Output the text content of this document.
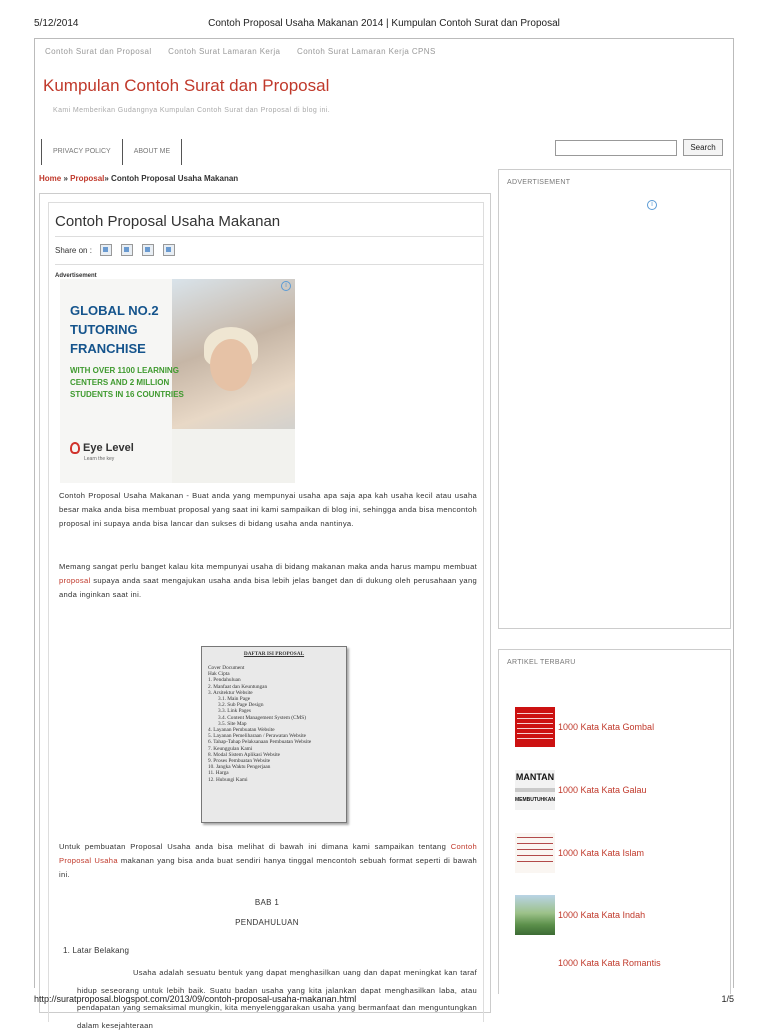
5/12/2014	Contoh Proposal Usaha Makanan 2014 | Kumpulan Contoh Surat dan Proposal
Contoh Surat dan Proposal Contoh Surat Lamaran Kerja Contoh Surat Lamaran Kerja CPNS
Kumpulan Contoh Surat dan Proposal
Kami Memberikan Gudangnya Kumpulan Contoh Surat dan Proposal di blog ini.
PRIVACY POLICY	ABOUT ME	Search
Home » Proposal» Contoh Proposal Usaha Makanan
Contoh Proposal Usaha Makanan
Share on :
Advertisement
GLOBAL NO.2 TUTORING FRANCHISE
WITH OVER 1100 LEARNING CENTERS AND 2 MILLION STUDENTS IN 16 COUNTRIES
Eye Level
Learn the key
i
Contoh Proposal Usaha Makanan - Buat anda yang mempunyai usaha apa saja apa kah usaha kecil atau usaha besar maka anda bisa membuat proposal yang saat ini kami sampaikan di blog ini, sehingga anda bisa mencontoh proposal ini supaya anda bisa lancar dan sukses di bidang usaha anda nantinya.
Memang sangat perlu banget kalau kita mempunyai usaha di bidang makanan maka anda harus mampu membuat proposal supaya anda saat mengajukan usaha anda bisa lebih jelas banget dan di dukung oleh perusahaan yang anda inginkan saat ini.
DAFTAR ISI PROPOSAL
Cover Document
Hak Cipta
1. Pendahuluan
2. Manfaat dan Keuntungan
3. Arsitektur Website
3.1. Main Page
3.2. Sub Page Design
3.3. Link Pages
3.4. Content Management System (CMS)
3.5. Site Map
4. Layanan Pembuatan Website
5. Layanan Pemeliharaan / Perawatan Website
6. Tahap-Tahap Pelaksanaan Pembuatan Website
7. Keunggulan Kami
8. Modal Sistem Aplikasi Website
9. Proses Pembuatan Website
10. Jangka Waktu Pengerjaan
11. Harga
12. Hubungi Kami
Untuk pembuatan Proposal Usaha anda bisa melihat di bawah ini dimana kami sampaikan tentang Contoh Proposal Usaha makanan yang bisa anda buat sendiri hanya tinggal mencontoh sebuah format seperti di bawah ini.
BAB 1
PENDAHULUAN
1. Latar Belakang
Usaha adalah sesuatu bentuk yang dapat menghasilkan uang dan dapat meningkat kan taraf hidup seseorang untuk lebih baik. Suatu badan usaha yang kita jalankan dapat menghasilkan laba, atau pendapatan yang semaksimal mungkin, kita menyelenggarakan usaha yang bermanfaat dan menguntungkan dalam kesejahteraan
ADVERTISEMENT
i
ARTIKEL TERBARU
1000 Kata Kata Gombal
MANTAN
MEMBUTUHKAN
1000 Kata Kata Galau
1000 Kata Kata Islam
1000 Kata Kata Indah
1000 Kata Kata Romantis
http://suratproposal.blogspot.com/2013/09/contoh-proposal-usaha-makanan.html	1/5
